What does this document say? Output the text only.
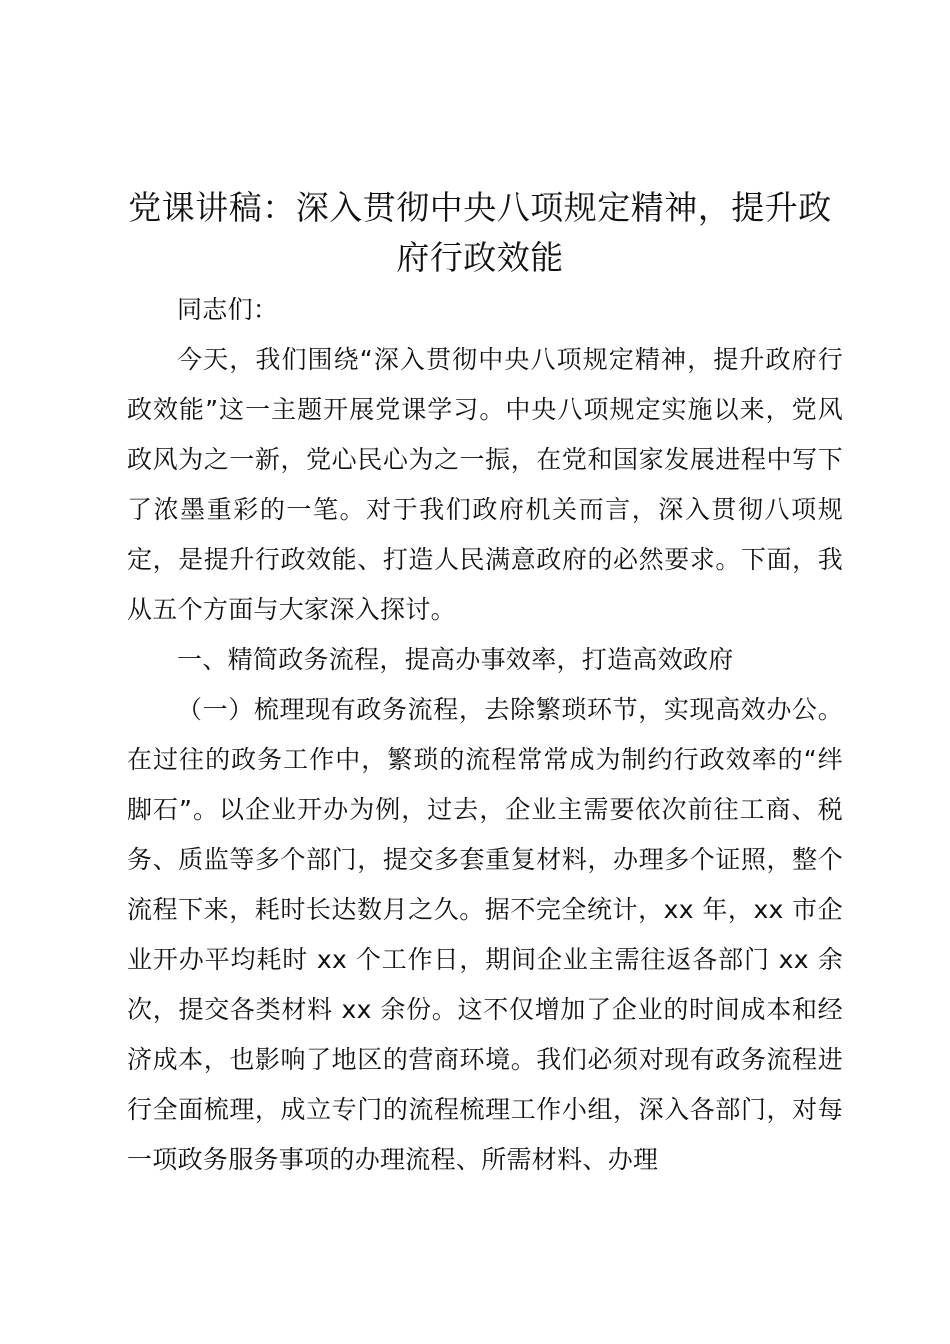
党课讲稿：深入贯彻中央八项规定精神，提升政府行政效能

同志们：

今天，我们围绕“深入贯彻中央八项规定精神，提升政府行政效能”这一主题开展党课学习。中央八项规定实施以来，党风政风为之一新，党心民心为之一振，在党和国家发展进程中写下了浓墨重彩的一笔。对于我们政府机关而言，深入贯彻八项规定，是提升行政效能、打造人民满意政府的必然要求。下面，我从五个方面与大家深入探讨。

一、精简政务流程，提高办事效率，打造高效政府

（一）梳理现有政务流程，去除繁琐环节，实现高效办公。在过往的政务工作中，繁琐的流程常常成为制约行政效率的“绊脚石”。以企业开办为例，过去，企业主需要依次前往工商、税务、质监等多个部门，提交多套重复材料，办理多个证照，整个流程下来，耗时长达数月之久。据不完全统计，xx 年，xx 市企业开办平均耗时 xx 个工作日，期间企业主需往返各部门 xx 余次，提交各类材料 xx 余份。这不仅增加了企业的时间成本和经济成本，也影响了地区的营商环境。我们必须对现有政务流程进行全面梳理，成立专门的流程梳理工作小组，深入各部门，对每一项政务服务事项的办理流程、所需材料、办理
